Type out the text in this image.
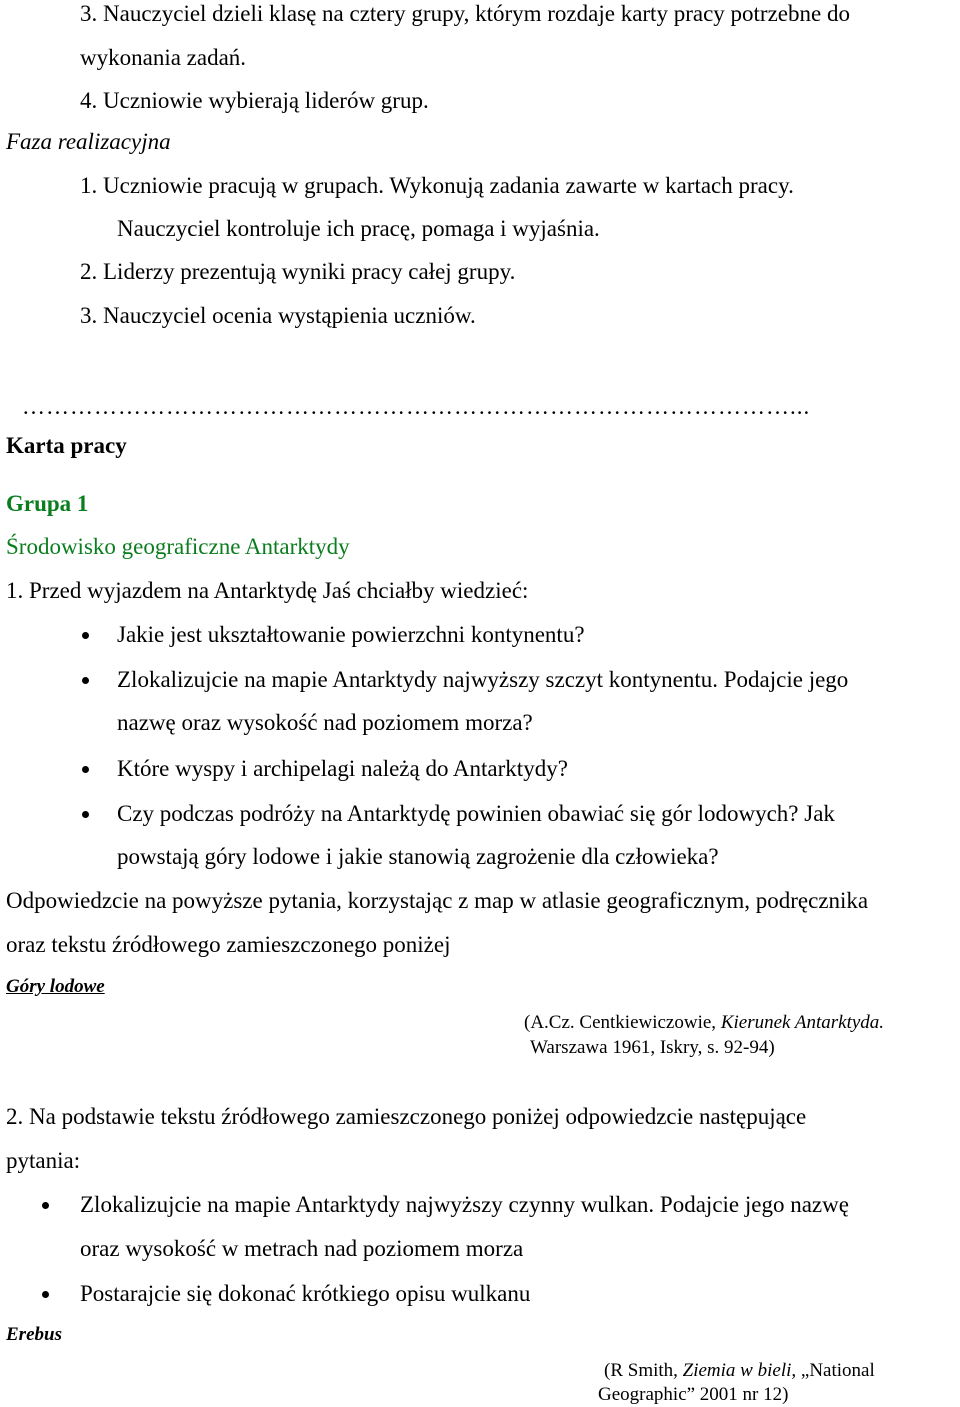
3. Nauczyciel dzieli klasę na cztery grupy, którym rozdaje karty pracy potrzebne do
wykonania zadań.
4. Uczniowie wybierają liderów grup.
Faza realizacyjna
1. Uczniowie pracują w grupach. Wykonują zadania zawarte w kartach pracy.
Nauczyciel kontroluje ich pracę, pomaga i wyjaśnia.
2. Liderzy prezentują wyniki pracy całej grupy.
3. Nauczyciel ocenia wystąpienia uczniów.
……………………………………………………………………………………...
Karta pracy
Grupa 1
Środowisko geograficzne Antarktydy
1. Przed wyjazdem na Antarktydę Jaś chciałby wiedzieć:
Jakie jest ukształtowanie powierzchni kontynentu?
Zlokalizujcie na mapie Antarktydy najwyższy szczyt kontynentu. Podajcie jego
nazwę oraz wysokość nad poziomem morza?
Które wyspy i archipelagi należą do Antarktydy?
Czy podczas podróży na Antarktydę powinien obawiać się gór lodowych? Jak
powstają góry lodowe i jakie stanowią zagrożenie dla człowieka?
Odpowiedzcie na powyższe pytania, korzystając z map w atlasie geograficznym, podręcznika
oraz tekstu źródłowego zamieszczonego poniżej
Góry lodowe
(A.Cz. Centkiewiczowie, Kierunek Antarktyda.
Warszawa 1961, Iskry, s. 92-94)
2. Na podstawie tekstu źródłowego zamieszczonego poniżej odpowiedzcie następujące
pytania:
Zlokalizujcie na mapie Antarktydy najwyższy czynny wulkan. Podajcie jego nazwę
oraz wysokość w metrach nad poziomem morza
Postarajcie się dokonać krótkiego opisu wulkanu
Erebus
(R Smith, Ziemia w bieli, „National
Geographic” 2001 nr 12)
